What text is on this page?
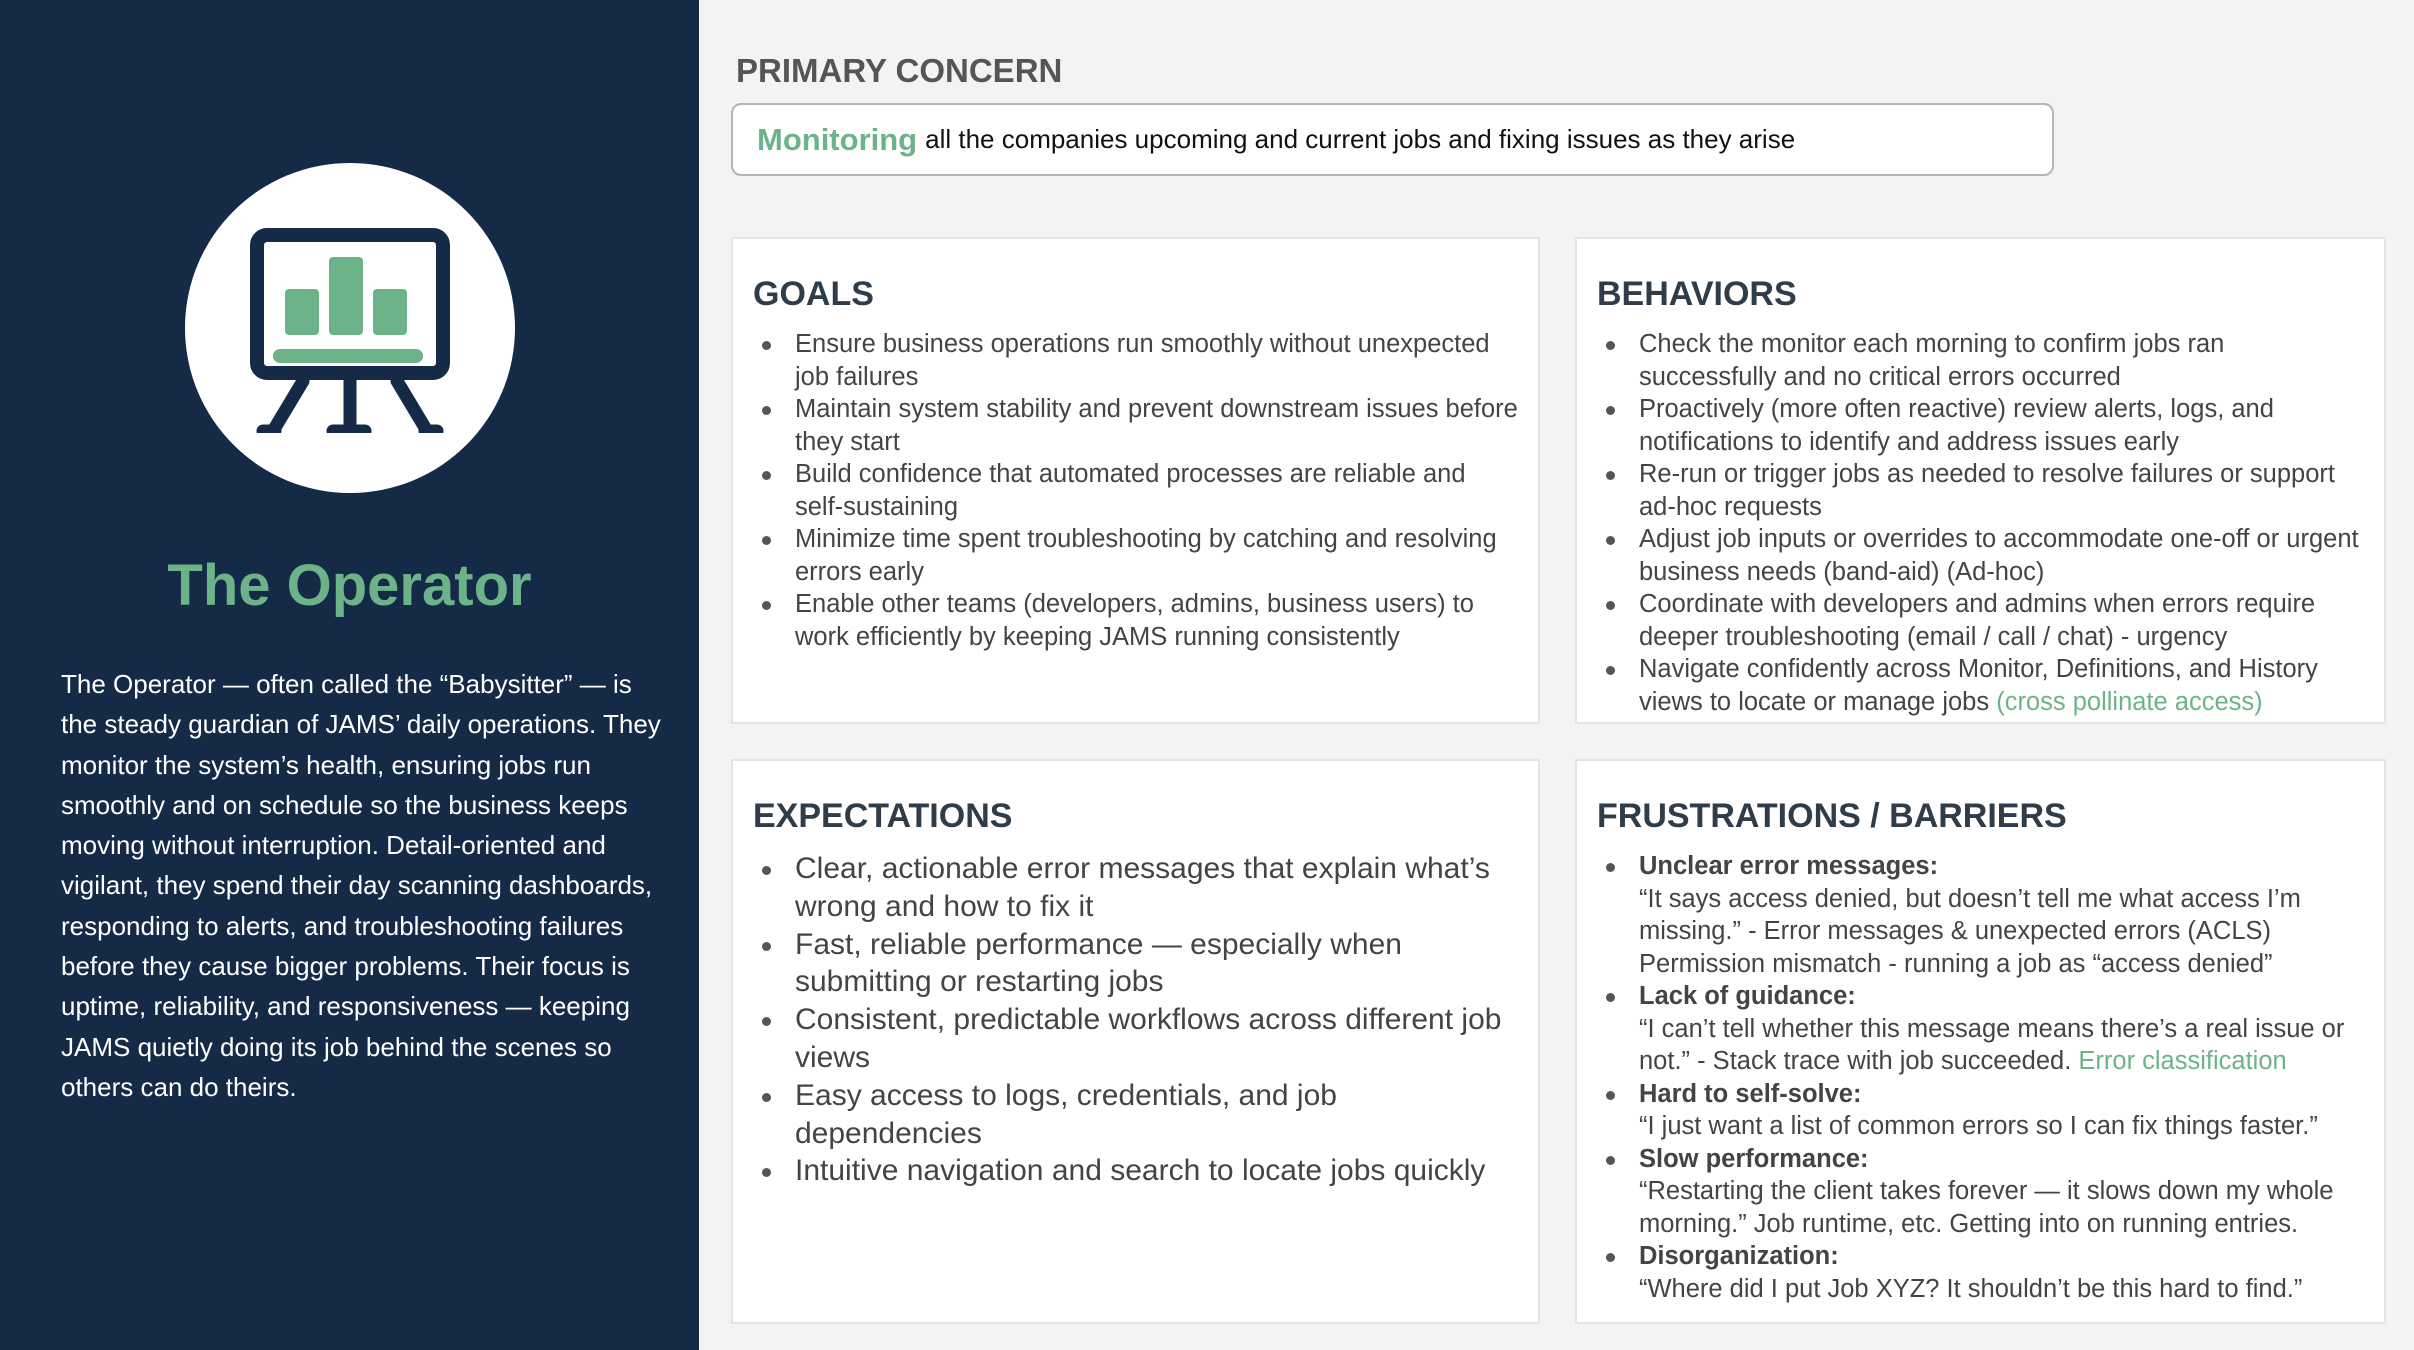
The Operator
The Operator — often called the “Babysitter” — is the steady guardian of JAMS’ daily operations. They monitor the system’s health, ensuring jobs run smoothly and on schedule so the business keeps moving without interruption. Detail-oriented and vigilant, they spend their day scanning dashboards, responding to alerts, and troubleshooting failures before they cause bigger problems. Their focus is uptime, reliability, and responsiveness — keeping JAMS quietly doing its job behind the scenes so others can do theirs.
PRIMARY CONCERN
Monitoring all the companies upcoming and current jobs and fixing issues as they arise
GOALS
Ensure business operations run smoothly without unexpected job failures
Maintain system stability and prevent downstream issues before they start
Build confidence that automated processes are reliable and self-sustaining
Minimize time spent troubleshooting by catching and resolving errors early
Enable other teams (developers, admins, business users) to work efficiently by keeping JAMS running consistently
BEHAVIORS
Check the monitor each morning to confirm jobs ran successfully and no critical errors occurred
Proactively (more often reactive) review alerts, logs, and notifications to identify and address issues early
Re-run or trigger jobs as needed to resolve failures or support ad-hoc requests
Adjust job inputs or overrides to accommodate one-off or urgent business needs (band-aid) (Ad-hoc)
Coordinate with developers and admins when errors require deeper troubleshooting (email / call / chat) - urgency
Navigate confidently across Monitor, Definitions, and History views to locate or manage jobs (cross pollinate access)
EXPECTATIONS
Clear, actionable error messages that explain what’s wrong and how to fix it
Fast, reliable performance — especially when submitting or restarting jobs
Consistent, predictable workflows across different job views
Easy access to logs, credentials, and job dependencies
Intuitive navigation and search to locate jobs quickly
FRUSTRATIONS / BARRIERS
Unclear error messages:
“It says access denied, but doesn’t tell me what access I’m missing.” - Error messages & unexpected errors (ACLS) Permission mismatch - running a job as “access denied”
Lack of guidance:
“I can’t tell whether this message means there’s a real issue or not.” - Stack trace with job succeeded. Error classification
Hard to self-solve:
“I just want a list of common errors so I can fix things faster.”
Slow performance:
“Restarting the client takes forever — it slows down my whole morning.” Job runtime, etc. Getting into on running entries.
Disorganization:
“Where did I put Job XYZ? It shouldn’t be this hard to find.”
